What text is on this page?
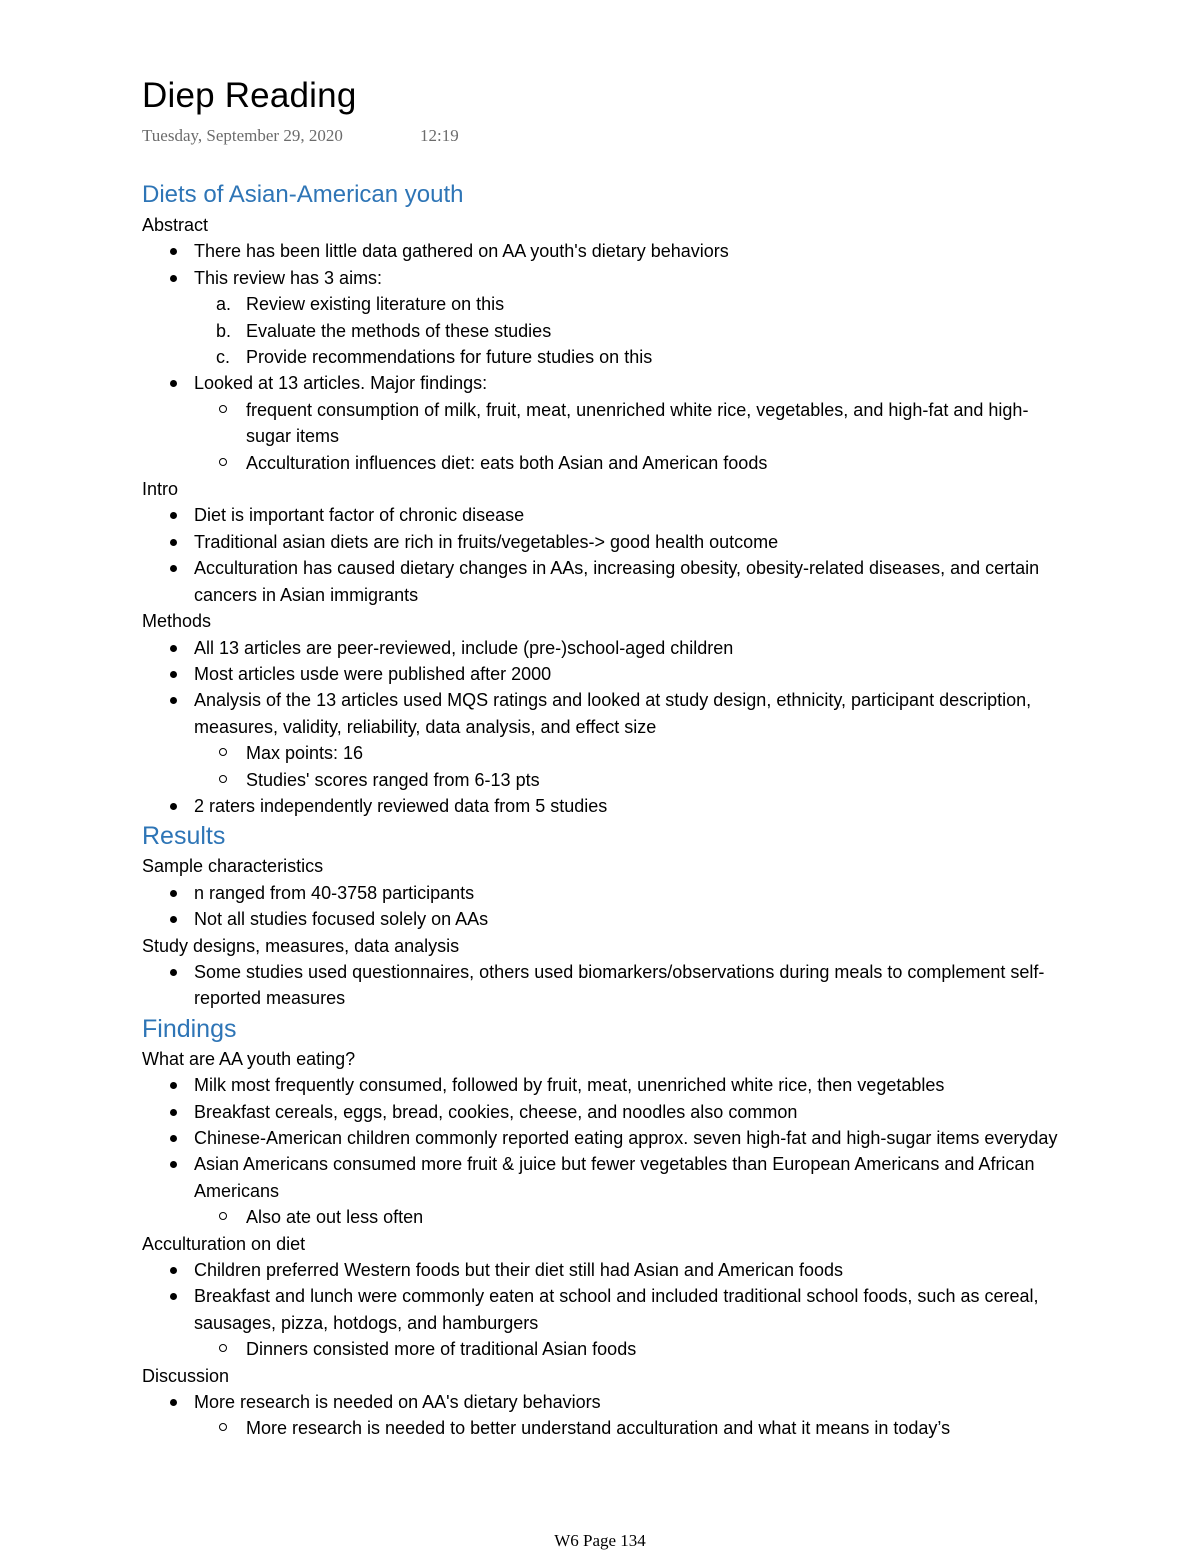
Diep Reading
Tuesday, September 29, 2020	12:19
Diets of Asian-American youth
Abstract
There has been little data gathered on AA youth's dietary behaviors
This review has 3 aims:
a. Review existing literature on this
b. Evaluate the methods of these studies
c. Provide recommendations for future studies on this
Looked at 13 articles. Major findings:
frequent consumption of milk, fruit, meat, unenriched white rice, vegetables, and high-fat and high-sugar items
Acculturation influences diet: eats both Asian and American foods
Intro
Diet is important factor of chronic disease
Traditional asian diets are rich in fruits/vegetables-> good health outcome
Acculturation has caused dietary changes in AAs, increasing obesity, obesity-related diseases, and certain cancers in Asian immigrants
Methods
All 13 articles are peer-reviewed, include (pre-)school-aged children
Most articles usde were published after 2000
Analysis of the 13 articles used MQS ratings and looked at study design, ethnicity, participant description, measures, validity, reliability, data analysis, and effect size
Max points: 16
Studies' scores ranged from 6-13 pts
2 raters independently reviewed data from 5 studies
Results
Sample characteristics
n ranged from 40-3758 participants
Not all studies focused solely on AAs
Study designs, measures, data analysis
Some studies used questionnaires, others used biomarkers/observations during meals to complement self-reported measures
Findings
What are AA youth eating?
Milk most frequently consumed, followed by fruit, meat, unenriched white rice, then vegetables
Breakfast cereals, eggs, bread, cookies, cheese, and noodles also common
Chinese-American children commonly reported eating approx. seven high-fat and high-sugar items everyday
Asian Americans consumed more fruit & juice but fewer vegetables than European Americans and African Americans
Also ate out less often
Acculturation on diet
Children preferred Western foods but their diet still had Asian and American foods
Breakfast and lunch were commonly eaten at school and included traditional school foods, such as cereal, sausages, pizza, hotdogs, and hamburgers
Dinners consisted more of traditional Asian foods
Discussion
More research is needed on AA's dietary behaviors
More research is needed to better understand acculturation and what it means in today’s
W6 Page 134
